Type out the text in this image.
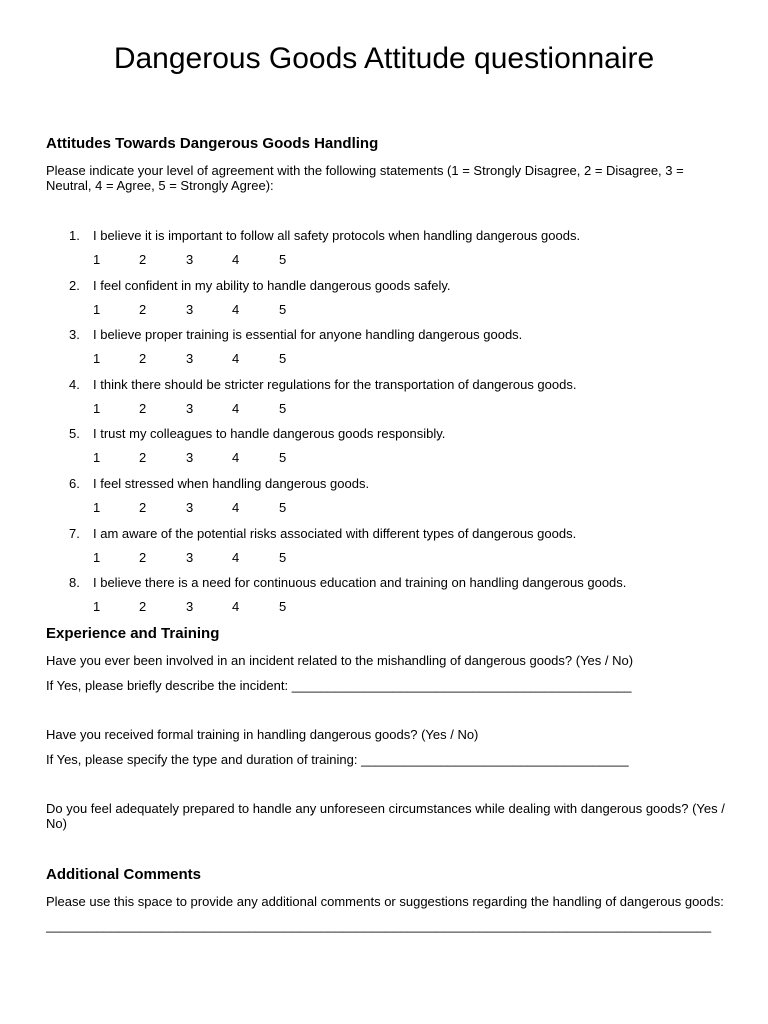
Dangerous Goods Attitude questionnaire
Attitudes Towards Dangerous Goods Handling

Please indicate your level of agreement with the following statements (1 = Strongly Disagree, 2 = Disagree, 3 = Neutral, 4 = Agree, 5 = Strongly Agree):

1. I believe it is important to follow all safety protocols when handling dangerous goods.
1	2	3	4	5
2. I feel confident in my ability to handle dangerous goods safely.
1	2	3	4	5
3. I believe proper training is essential for anyone handling dangerous goods.
1	2	3	4	5
4. I think there should be stricter regulations for the transportation of dangerous goods.
1	2	3	4	5
5. I trust my colleagues to handle dangerous goods responsibly.
1	2	3	4	5
6. I feel stressed when handling dangerous goods.
1	2	3	4	5
7. I am aware of the potential risks associated with different types of dangerous goods.
1	2	3	4	5
8. I believe there is a need for continuous education and training on handling dangerous goods.
1	2	3	4	5
Experience and Training

Have you ever been involved in an incident related to the mishandling of dangerous goods? (Yes / No)

If Yes, please briefly describe the incident: _______________________________________________

Have you received formal training in handling dangerous goods? (Yes / No)

If Yes, please specify the type and duration of training: _____________________________________

Do you feel adequately prepared to handle any unforeseen circumstances while dealing with dangerous goods? (Yes / No)

Additional Comments

Please use this space to provide any additional comments or suggestions regarding the handling of dangerous goods:

____________________________________________________________________________________________
